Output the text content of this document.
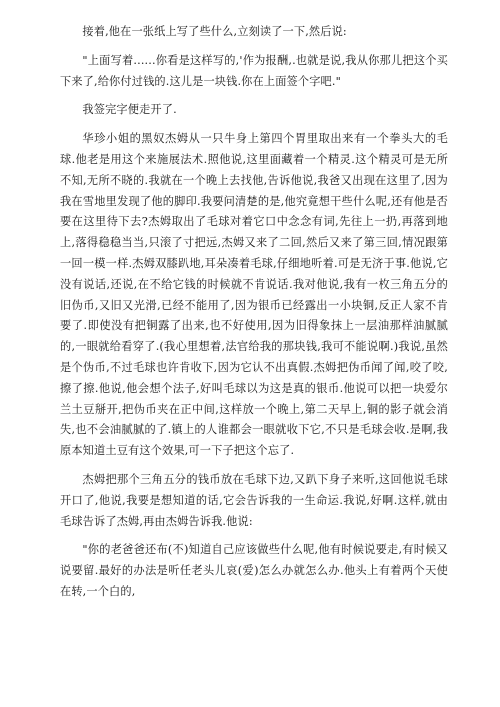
接着,他在一张纸上写了些什么,立刻读了一下,然后说:

"上面写着......你看是这样写的,'作为报酬,.也就是说,我从你那儿把这个买下来了,给你付过钱的.这儿是一块钱.你在上面签个字吧."

我签完字便走开了.

华珍小姐的黑奴杰姆从一只牛身上第四个胃里取出来有一个拳头大的毛球.他老是用这个来施展法术.照他说,这里面藏着一个精灵.这个精灵可是无所不知,无所不晓的.我就在一个晚上去找他,告诉他说,我爸又出现在这里了,因为我在雪地里发现了他的脚印.我要问清楚的是,他究竟想干些什么呢,还有他是否要在这里待下去?杰姆取出了毛球对着它口中念念有词,先往上一扔,再落到地上,落得稳稳当当,只滚了寸把远,杰姆又来了二回,然后又来了第三回,情况跟第一回一模一样.杰姆双膝趴地,耳朵凑着毛球,仔细地听着.可是无济于事.他说,它没有说话,还说,在不给它钱的时候就不肯说话.我对他说,我有一枚三角五分的旧伪币,又旧又光滑,已经不能用了,因为银币已经露出一小块铜,反正人家不肯要了.即使没有把铜露了出来,也不好使用,因为旧得象抹上一层油那样油腻腻 的,一眼就给看穿了.(我心里想着,法官给我的那块钱,我可不能说啊.)我说,虽然是个伪币,不过毛球也许肯收下,因为它认不出真假.杰姆把伪币闻了闻,咬了咬,擦了擦.他说,他会想个法子,好叫毛球以为这是真的银币.他说可以把一块爱尔兰土豆掰开,把伪币夹在正中间,这样放一个晚上,第二天早上,铜的影子就会消失,也不会油腻腻的了.镇上的人谁都会一眼就收下它,不只是毛球会收.是啊,我原本知道土豆有这个效果,可一下子把这个忘了.

杰姆把那个三角五分的钱币放在毛球下边,又趴下身子来听,这回他说毛球开口了,他说,我要是想知道的话,它会告诉我的一生命运.我说,好啊.这样,就由毛球告诉了杰姆,再由杰姆告诉我.他说:

"你的老爸爸还布(不)知道自己应该做些什么呢,他有时候说要走,有时候又说要留.最好的办法是听任老头儿哀(爱)怎么办就怎么办.他头上有着两个天使在转,一个白的,
